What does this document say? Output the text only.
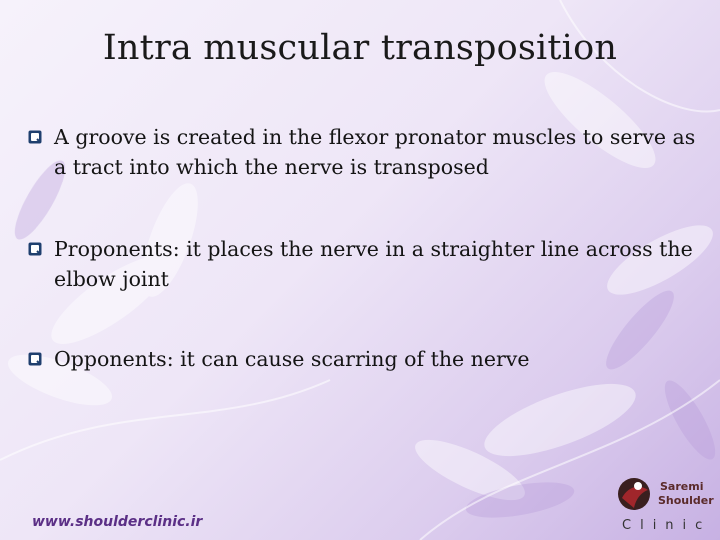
Intra muscular transposition
A groove is created in the flexor pronator muscles to serve as a tract into which the nerve is transposed
Proponents: it places the nerve in a straighter line across the elbow joint
Opponents: it can cause scarring of the nerve
www.shoulderclinic.ir
Saremi
Shoulder
Clinic
